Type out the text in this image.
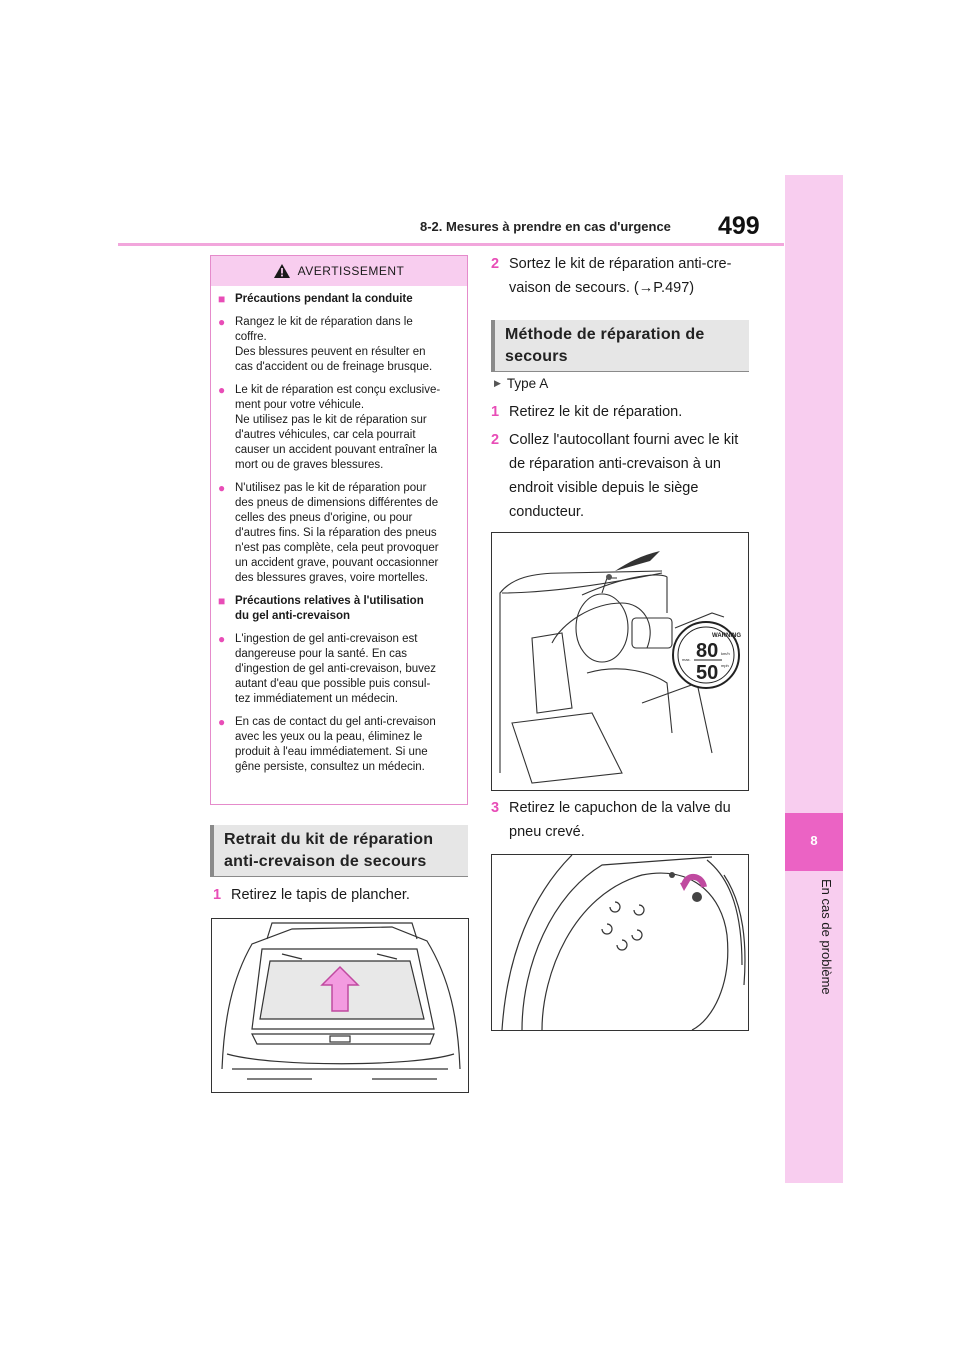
8-2. Mesures à prendre en cas d'urgence	499
8
En cas de problème
AVERTISSEMENT
■ Précautions pendant la conduite
● Rangez le kit de réparation dans le
coffre.
Des blessures peuvent en résulter en
cas d'accident ou de freinage brusque.
● Le kit de réparation est conçu exclusive-
ment pour votre véhicule.
Ne utilisez pas le kit de réparation sur
d'autres véhicules, car cela pourrait
causer un accident pouvant entraîner la
mort ou de graves blessures.
● N'utilisez pas le kit de réparation pour
des pneus de dimensions différentes de
celles des pneus d'origine, ou pour
d'autres fins. Si la réparation des pneus
n'est pas complète, cela peut provoquer
un accident grave, pouvant occasionner
des blessures graves, voire mortelles.
■ Précautions relatives à l'utilisation
du gel anti-crevaison
● L'ingestion de gel anti-crevaison est
dangereuse pour la santé. En cas
d'ingestion de gel anti-crevaison, buvez
autant d'eau que possible puis consul-
tez immédiatement un médecin.
● En cas de contact du gel anti-crevaison
avec les yeux ou la peau, éliminez le
produit à l'eau immédiatement. Si une
gêne persiste, consultez un médecin.
Retrait du kit de réparation
anti-crevaison de secours
1 Retirez le tapis de plancher.
2 Sortez le kit de réparation anti-cre-
vaison de secours. (→P.497)
Méthode de réparation de
secours
▶ Type A
1 Retirez le kit de réparation.
2 Collez l'autocollant fourni avec le kit
de réparation anti-crevaison à un
endroit visible depuis le siège
conducteur.
WARNING
80
50
km/h
mph
max.
3 Retirez le capuchon de la valve du
pneu crevé.
